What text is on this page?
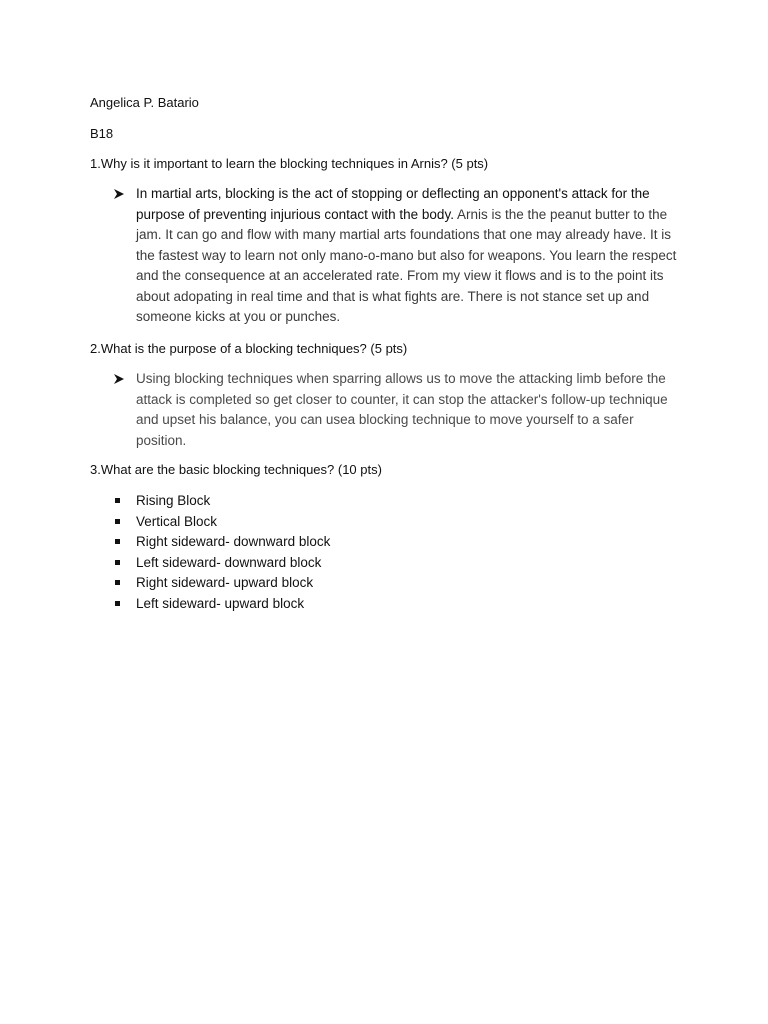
Angelica P. Batario
B18
1.Why is it important to learn the blocking techniques in Arnis? (5 pts)
In martial arts, blocking is the act of stopping or deflecting an opponent's attack for the purpose of preventing injurious contact with the body. Arnis is the the peanut butter to the jam. It can go and flow with many martial arts foundations that one may already have. It is the fastest way to learn not only mano-o-mano but also for weapons. You learn the respect and the consequence at an accelerated rate. From my view it flows and is to the point its about adopating in real time and that is what fights are. There is not stance set up and someone kicks at you or punches.
2.What is the purpose of a blocking techniques? (5 pts)
Using blocking techniques when sparring allows us to move the attacking limb before the attack is completed so get closer to counter, it can stop the attacker's follow-up technique and upset his balance, you can usea blocking technique to move yourself to a safer position.
3.What are the basic blocking techniques? (10 pts)
Rising Block
Vertical Block
Right sideward- downward block
Left sideward- downward block
Right sideward- upward block
Left sideward- upward block
